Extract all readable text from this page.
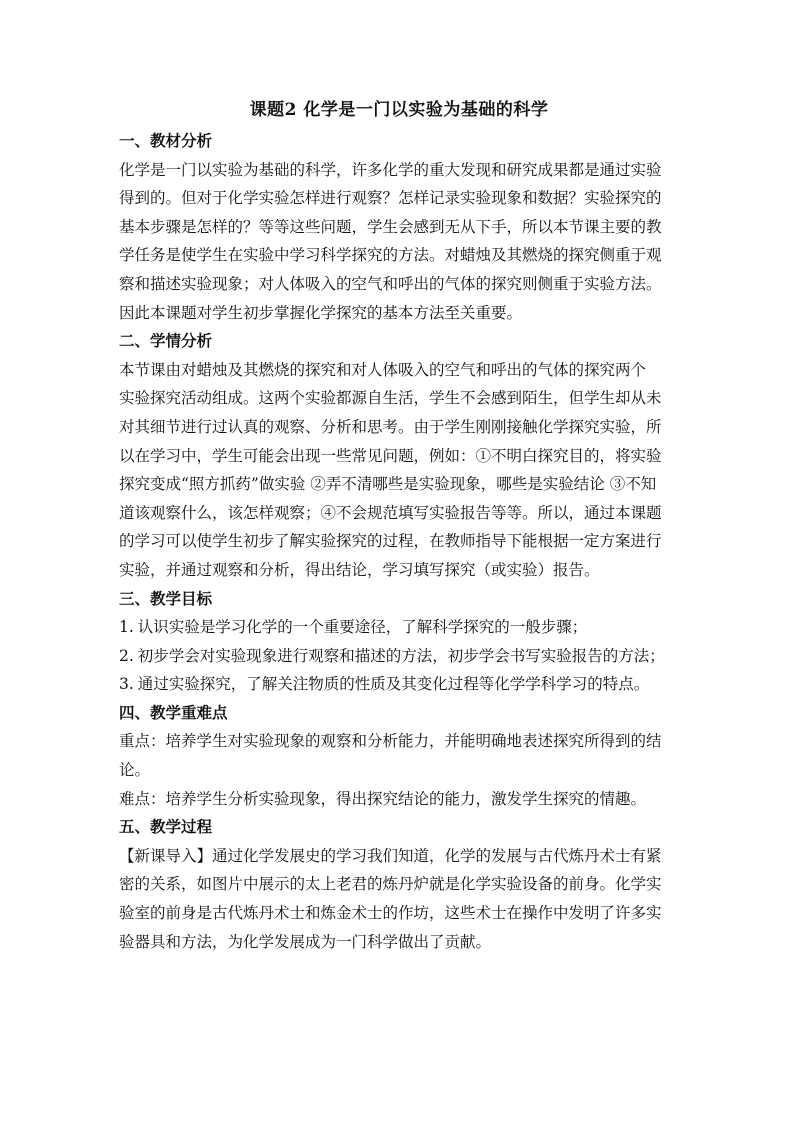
课题2 化学是一门以实验为基础的科学
一、教材分析
化学是一门以实验为基础的科学，许多化学的重大发现和研究成果都是通过实验
得到的。但对于化学实验怎样进行观察？怎样记录实验现象和数据？实验探究的
基本步骤是怎样的？等等这些问题，学生会感到无从下手，所以本节课主要的教
学任务是使学生在实验中学习科学探究的方法。对蜡烛及其燃烧的探究侧重于观
察和描述实验现象；对人体吸入的空气和呼出的气体的探究则侧重于实验方法。
因此本课题对学生初步掌握化学探究的基本方法至关重要。
二、学情分析
本节课由对蜡烛及其燃烧的探究和对人体吸入的空气和呼出的气体的探究两个
实验探究活动组成。这两个实验都源自生活，学生不会感到陌生，但学生却从未
对其细节进行过认真的观察、分析和思考。由于学生刚刚接触化学探究实验，所
以在学习中，学生可能会出现一些常见问题，例如：①不明白探究目的，将实验
探究变成“照方抓药”做实验 ②弄不清哪些是实验现象，哪些是实验结论 ③不知
道该观察什么，该怎样观察；④不会规范填写实验报告等等。所以，通过本课题
的学习可以使学生初步了解实验探究的过程，在教师指导下能根据一定方案进行
实验，并通过观察和分析，得出结论，学习填写探究（或实验）报告。
三、教学目标
1. 认识实验是学习化学的一个重要途径，了解科学探究的一般步骤；
2. 初步学会对实验现象进行观察和描述的方法，初步学会书写实验报告的方法；
3. 通过实验探究，了解关注物质的性质及其变化过程等化学学科学习的特点。
四、教学重难点
重点：培养学生对实验现象的观察和分析能力，并能明确地表述探究所得到的结
论。
难点：培养学生分析实验现象，得出探究结论的能力，激发学生探究的情趣。
五、教学过程
【新课导入】通过化学发展史的学习我们知道，化学的发展与古代炼丹术士有紧
密的关系，如图片中展示的太上老君的炼丹炉就是化学实验设备的前身。化学实
验室的前身是古代炼丹术士和炼金术士的作坊，这些术士在操作中发明了许多实
验器具和方法，为化学发展成为一门科学做出了贡献。
